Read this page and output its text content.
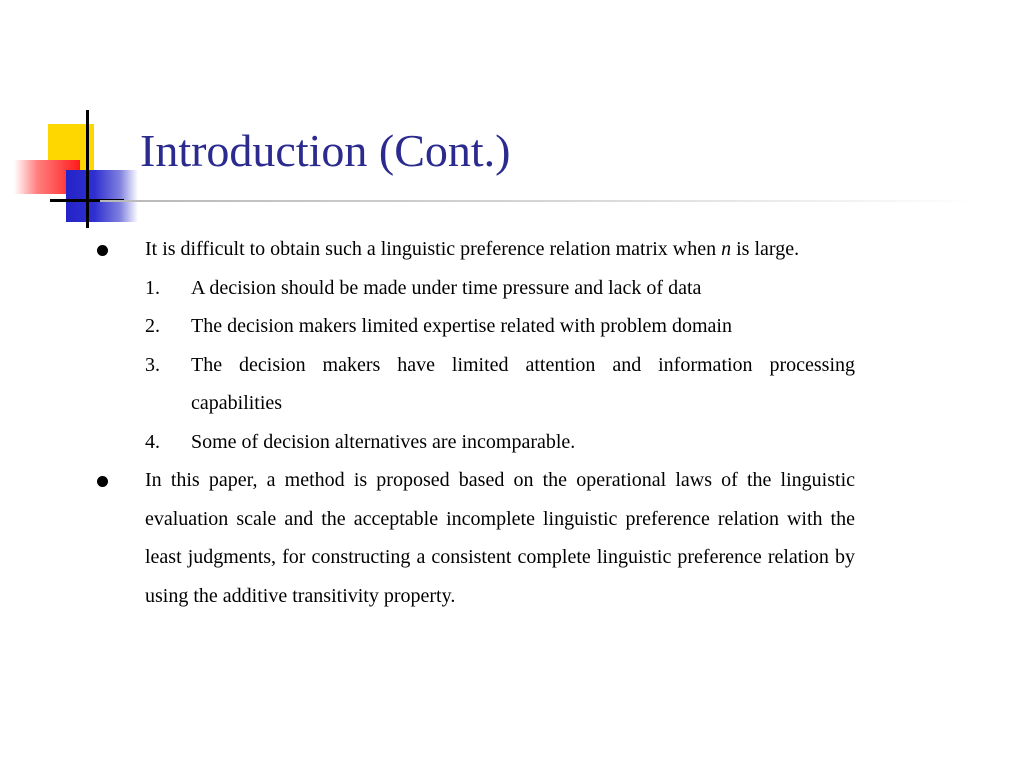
Introduction (Cont.)
It is difficult to obtain such a linguistic preference relation matrix when n is large.
1.	A decision should be made under time pressure and lack of data
2. The decision makers limited expertise related with problem domain
3.	The decision makers have limited attention and information processing capabilities
4.	Some of decision alternatives are incomparable.
In this paper, a method is proposed based on the operational laws of the linguistic evaluation scale and the acceptable incomplete linguistic preference relation with the least judgments, for constructing a consistent complete linguistic preference relation by using the additive transitivity property.
